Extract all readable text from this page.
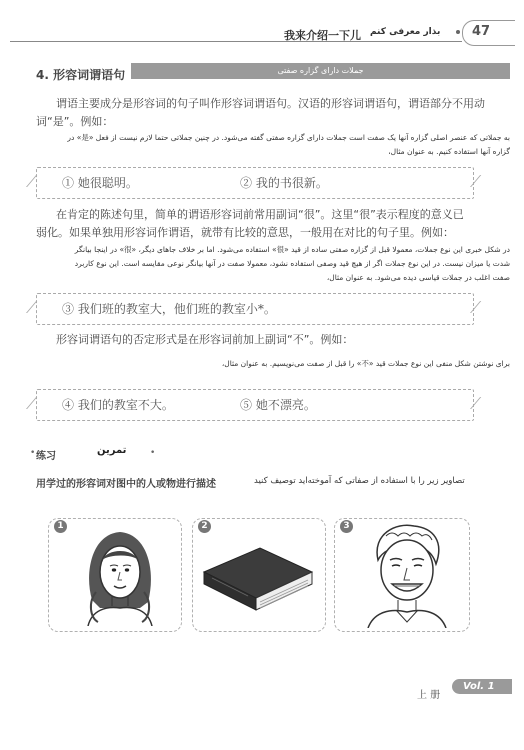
我来介绍一下儿 بذار معرفی کنم 47
4. 形容词谓语句	جملات دارای گزاره صفتی
谓语主要成分是形容词的句子叫作形容词谓语句。汉语的形容词谓语句，谓语部分不用动
词“是”。例如：
به جملاتی که عنصر اصلی گزاره آنها یک صفت است جملات دارای گزاره صفتی گفته می‌شود. در چنین جملاتی حتما لازم نیست از فعل «是» در
گزاره آنها استفاده کنیم. به عنوان مثال،
⟋	⟋
① 她很聪明。	② 我的书很新。
在肯定的陈述句里，简单的谓语形容词前常用副词“很”。这里“很”表示程度的意义已
弱化。如果单独用形容词作谓语，就带有比较的意思，一般用在对比的句子里。例如：
در شکل خبری این نوع جملات، معمولا قبل از گزاره صفتی ساده از قید «很» استفاده می‌شود. اما بر خلاف جاهای دیگر، «很» در اینجا بیانگر
شدت یا میزان نیست. در این نوع جملات اگر از هیچ قید وصفی استفاده نشود، معمولا صفت در آنها بیانگر نوعی مقایسه است. این نوع کاربرد
صفت اغلب در جملات قیاسی دیده می‌شود. به عنوان مثال،
⟋	⟋
③ 我们班的教室大，他们班的教室小*。
形容词谓语句的否定形式是在形容词前加上副词“不”。例如：
برای نوشتن شکل منفی این نوع جملات قید «不» را قبل از صفت می‌نویسیم. به عنوان مثال،
⟋	⟋
④ 我们的教室不大。	⑤ 她不漂亮。
• 练习
تمرین	•
用学过的形容词对图中的人或物进行描述	تصاویر زیر را با استفاده از صفاتی که آموخته‌اید توصیف کنید
1	2	3
上 册
Vol. 1
